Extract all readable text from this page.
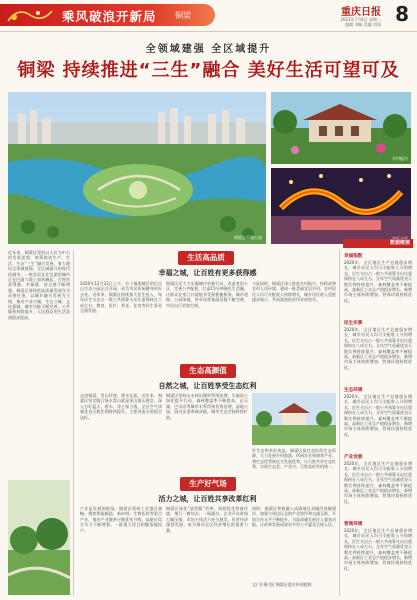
乘风破浪开新局 铜梁	重庆日报 8
2021年7月6日 星期二
编辑 刘畅 美编 刘翔
全领域建强 全区域提升
铜梁 持续推进“三生”融合 美好生活可望可及
铜梁玄天湖公园
乡村振兴
近年来，铜梁区坚持以人民为中心的发展思想，统筹推进生产、生活、生态“三生”融合发展，着力建设全领域建强、全区域提升的现代化城市。一座宜居宜业宜游的城市正在巴渝大地上加快崛起，百姓的获得感、幸福感、安全感不断增强。铜梁区坚持把高质量发展作为首要任务，以城乡融合发展为主线，推动产业兴城、生态立城、文化强城。城市功能不断完善，公共服务持续提升，人民群众的生活品质稳步提高。
生活高品质
幸福之城，让百姓有更多获得感
2020年12月22日上午，位于铜梁城区的巴岳山生态公园正式开园，成为市民休闲健身的好去处。近年来，铜梁区持续加大民生投入，每年民生支出占一般公共预算支出比重保持在八成左右，教育、医疗、养老、住房等民生事业全面发展。
铜梁区还大力实施城市更新行动，改造老旧小区，完善公共配套，打造15分钟便民生活圈，让群众在家门口就能享受到便捷服务。城市道路、公园绿地、停车场等基础设施不断完善，市民出行更加方便。
与此同时，铜梁区深入推进乡村振兴，持续改善农村人居环境，建成一批美丽宜居乡村，农村居民人均可支配收入持续增长，城乡居民收入差距逐步缩小，共同富裕的步伐更加坚实。
生态高颜值
自然之城，让百姓享受生态红利
走进铜梁，青山环绕，碧水长流。近年来，铜梁区坚定践行绿水青山就是金山银山理念，深入打好蓝天、碧水、净土保卫战，全区空气质量优良天数比例持续提升，主要河流水质稳定达标。
铜梁区坚持山水林田湖草系统治理，实施国土绿化提升行动，森林覆盖率不断提高。玄天湖、巴川河等城市水系得到有效治理，湿地公园、滨河步道串珠成链，城市生态空间持续扩展。
好生态带来好效益。铜梁区依托良好的生态资源，大力发展乡村旅游、休闲农业和康养产业，将生态优势转化为发展优势，让百姓共享生态红利，实现生态美、产业兴、百姓富的有机统一。
生产好气场
活力之城，让百姓共享改革红利
产业是发展的根基。铜梁区坚持工业强区战略，聚焦智能制造、新材料、生物医药等重点产业，推动产业链供应链优化升级，高新区综合实力不断增强，一批重大项目相继落地投产。
铜梁区深化“放管服”改革，持续优化营商环境，推行一窗综办、一网通办，企业开办时间大幅压缩，市场主体活力充分激发。民营经济蓬勃发展，成为推动全区经济增长的重要力量。
同时，铜梁区积极融入成渝地区双城经济圈建设，加强与周边区县的产业协作和交通互联，开放合作水平不断提升，为高质量发展注入强劲动能，让改革发展成果更多更公平惠及全体人民。
文/ 刘 静 图/ 铜梁区委宣传部提供
数据链接
幸福指数
2020年，全区地区生产总值稳步增长，城乡居民人均可支配收入分别增长，民生支出占一般公共预算支出比重保持在八成左右。全年空气质量优良天数比例持续提升，森林覆盖率不断提高。高新区工业总产值稳步增长，新增市场主体持续增加，营商环境持续优化。
民生实事
2020年，全区地区生产总值稳步增长，城乡居民人均可支配收入分别增长，民生支出占一般公共预算支出比重保持在八成左右。全年空气质量优良天数比例持续提升，森林覆盖率不断提高。高新区工业总产值稳步增长，新增市场主体持续增加，营商环境持续优化。
生态环境
2020年，全区地区生产总值稳步增长，城乡居民人均可支配收入分别增长，民生支出占一般公共预算支出比重保持在八成左右。全年空气质量优良天数比例持续提升，森林覆盖率不断提高。高新区工业总产值稳步增长，新增市场主体持续增加，营商环境持续优化。
产业发展
2020年，全区地区生产总值稳步增长，城乡居民人均可支配收入分别增长，民生支出占一般公共预算支出比重保持在八成左右。全年空气质量优良天数比例持续提升，森林覆盖率不断提高。高新区工业总产值稳步增长，新增市场主体持续增加，营商环境持续优化。
营商环境
2020年，全区地区生产总值稳步增长，城乡居民人均可支配收入分别增长，民生支出占一般公共预算支出比重保持在八成左右。全年空气质量优良天数比例持续提升，森林覆盖率不断提高。高新区工业总产值稳步增长，新增市场主体持续增加，营商环境持续优化。
